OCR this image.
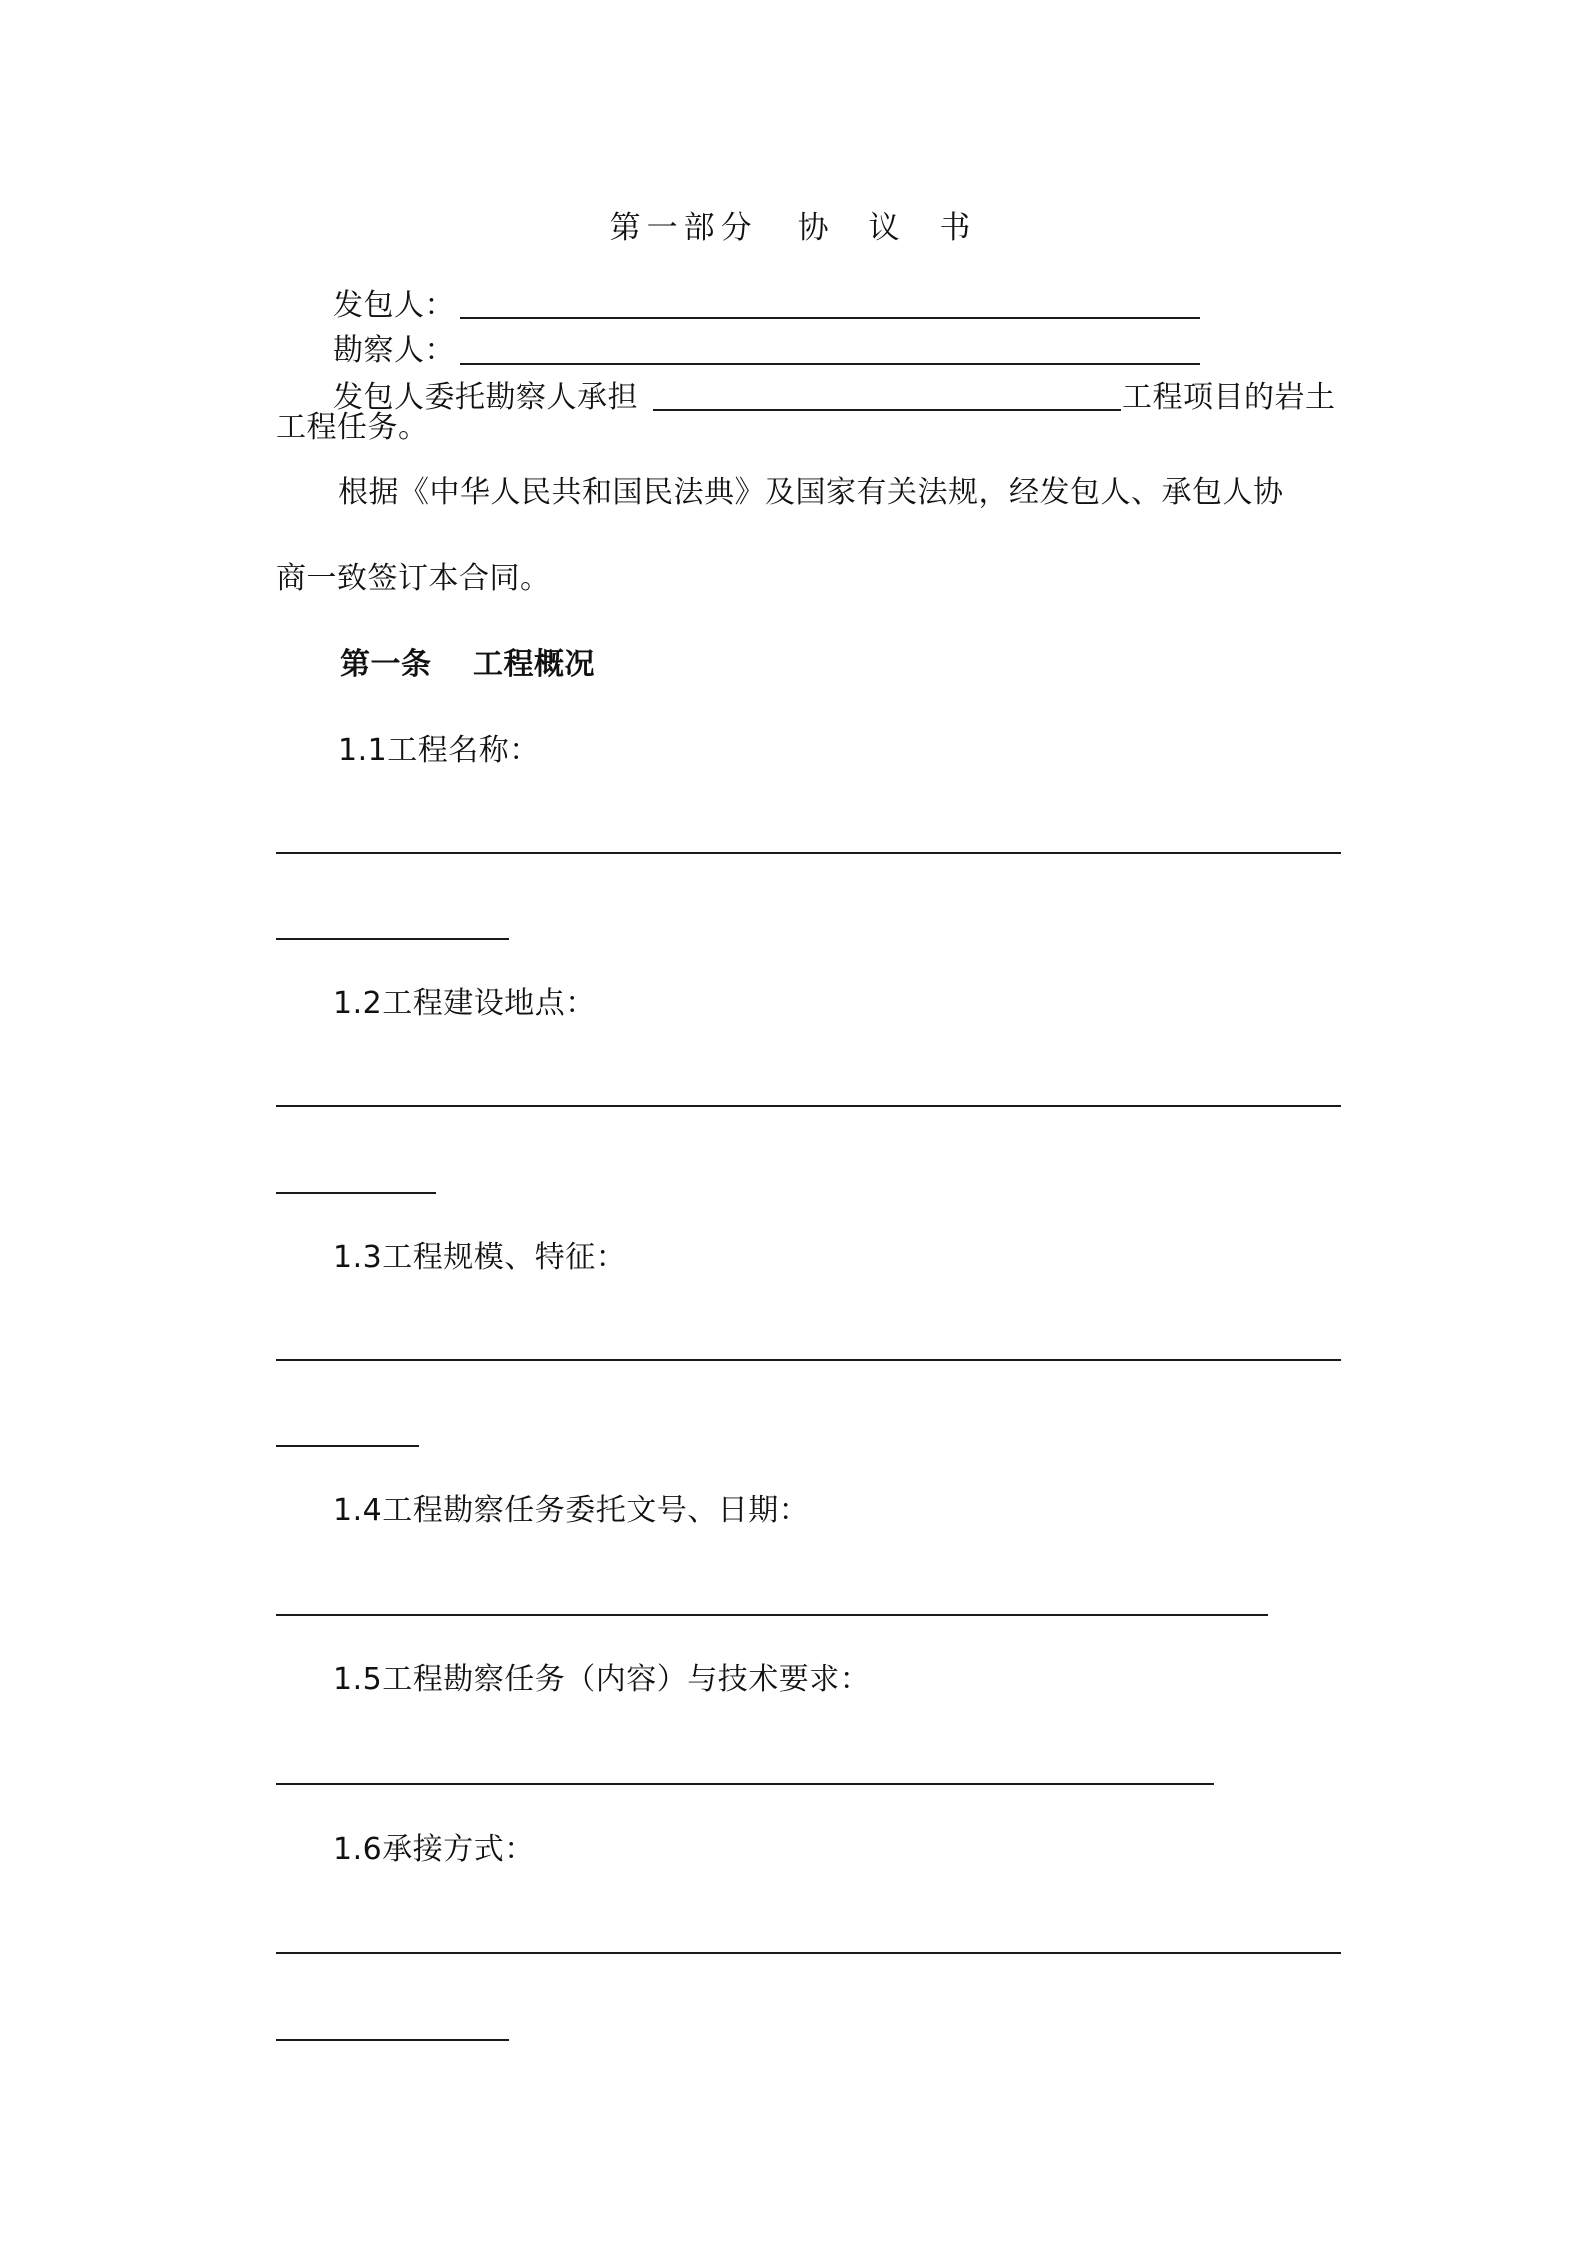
第一部分 协 议 书
发包人：
勘察人：
发包人委托勘察人承担	工程项目的岩土
工程任务。
根据《中华人民共和国民法典》及国家有关法规，经发包人、承包人协
商一致签订本合同。
第一条　 工程概况
1.1工程名称：
1.2工程建设地点：
1.3工程规模、特征：
1.4工程勘察任务委托文号、日期：
1.5工程勘察任务（内容）与技术要求：
1.6承接方式：
